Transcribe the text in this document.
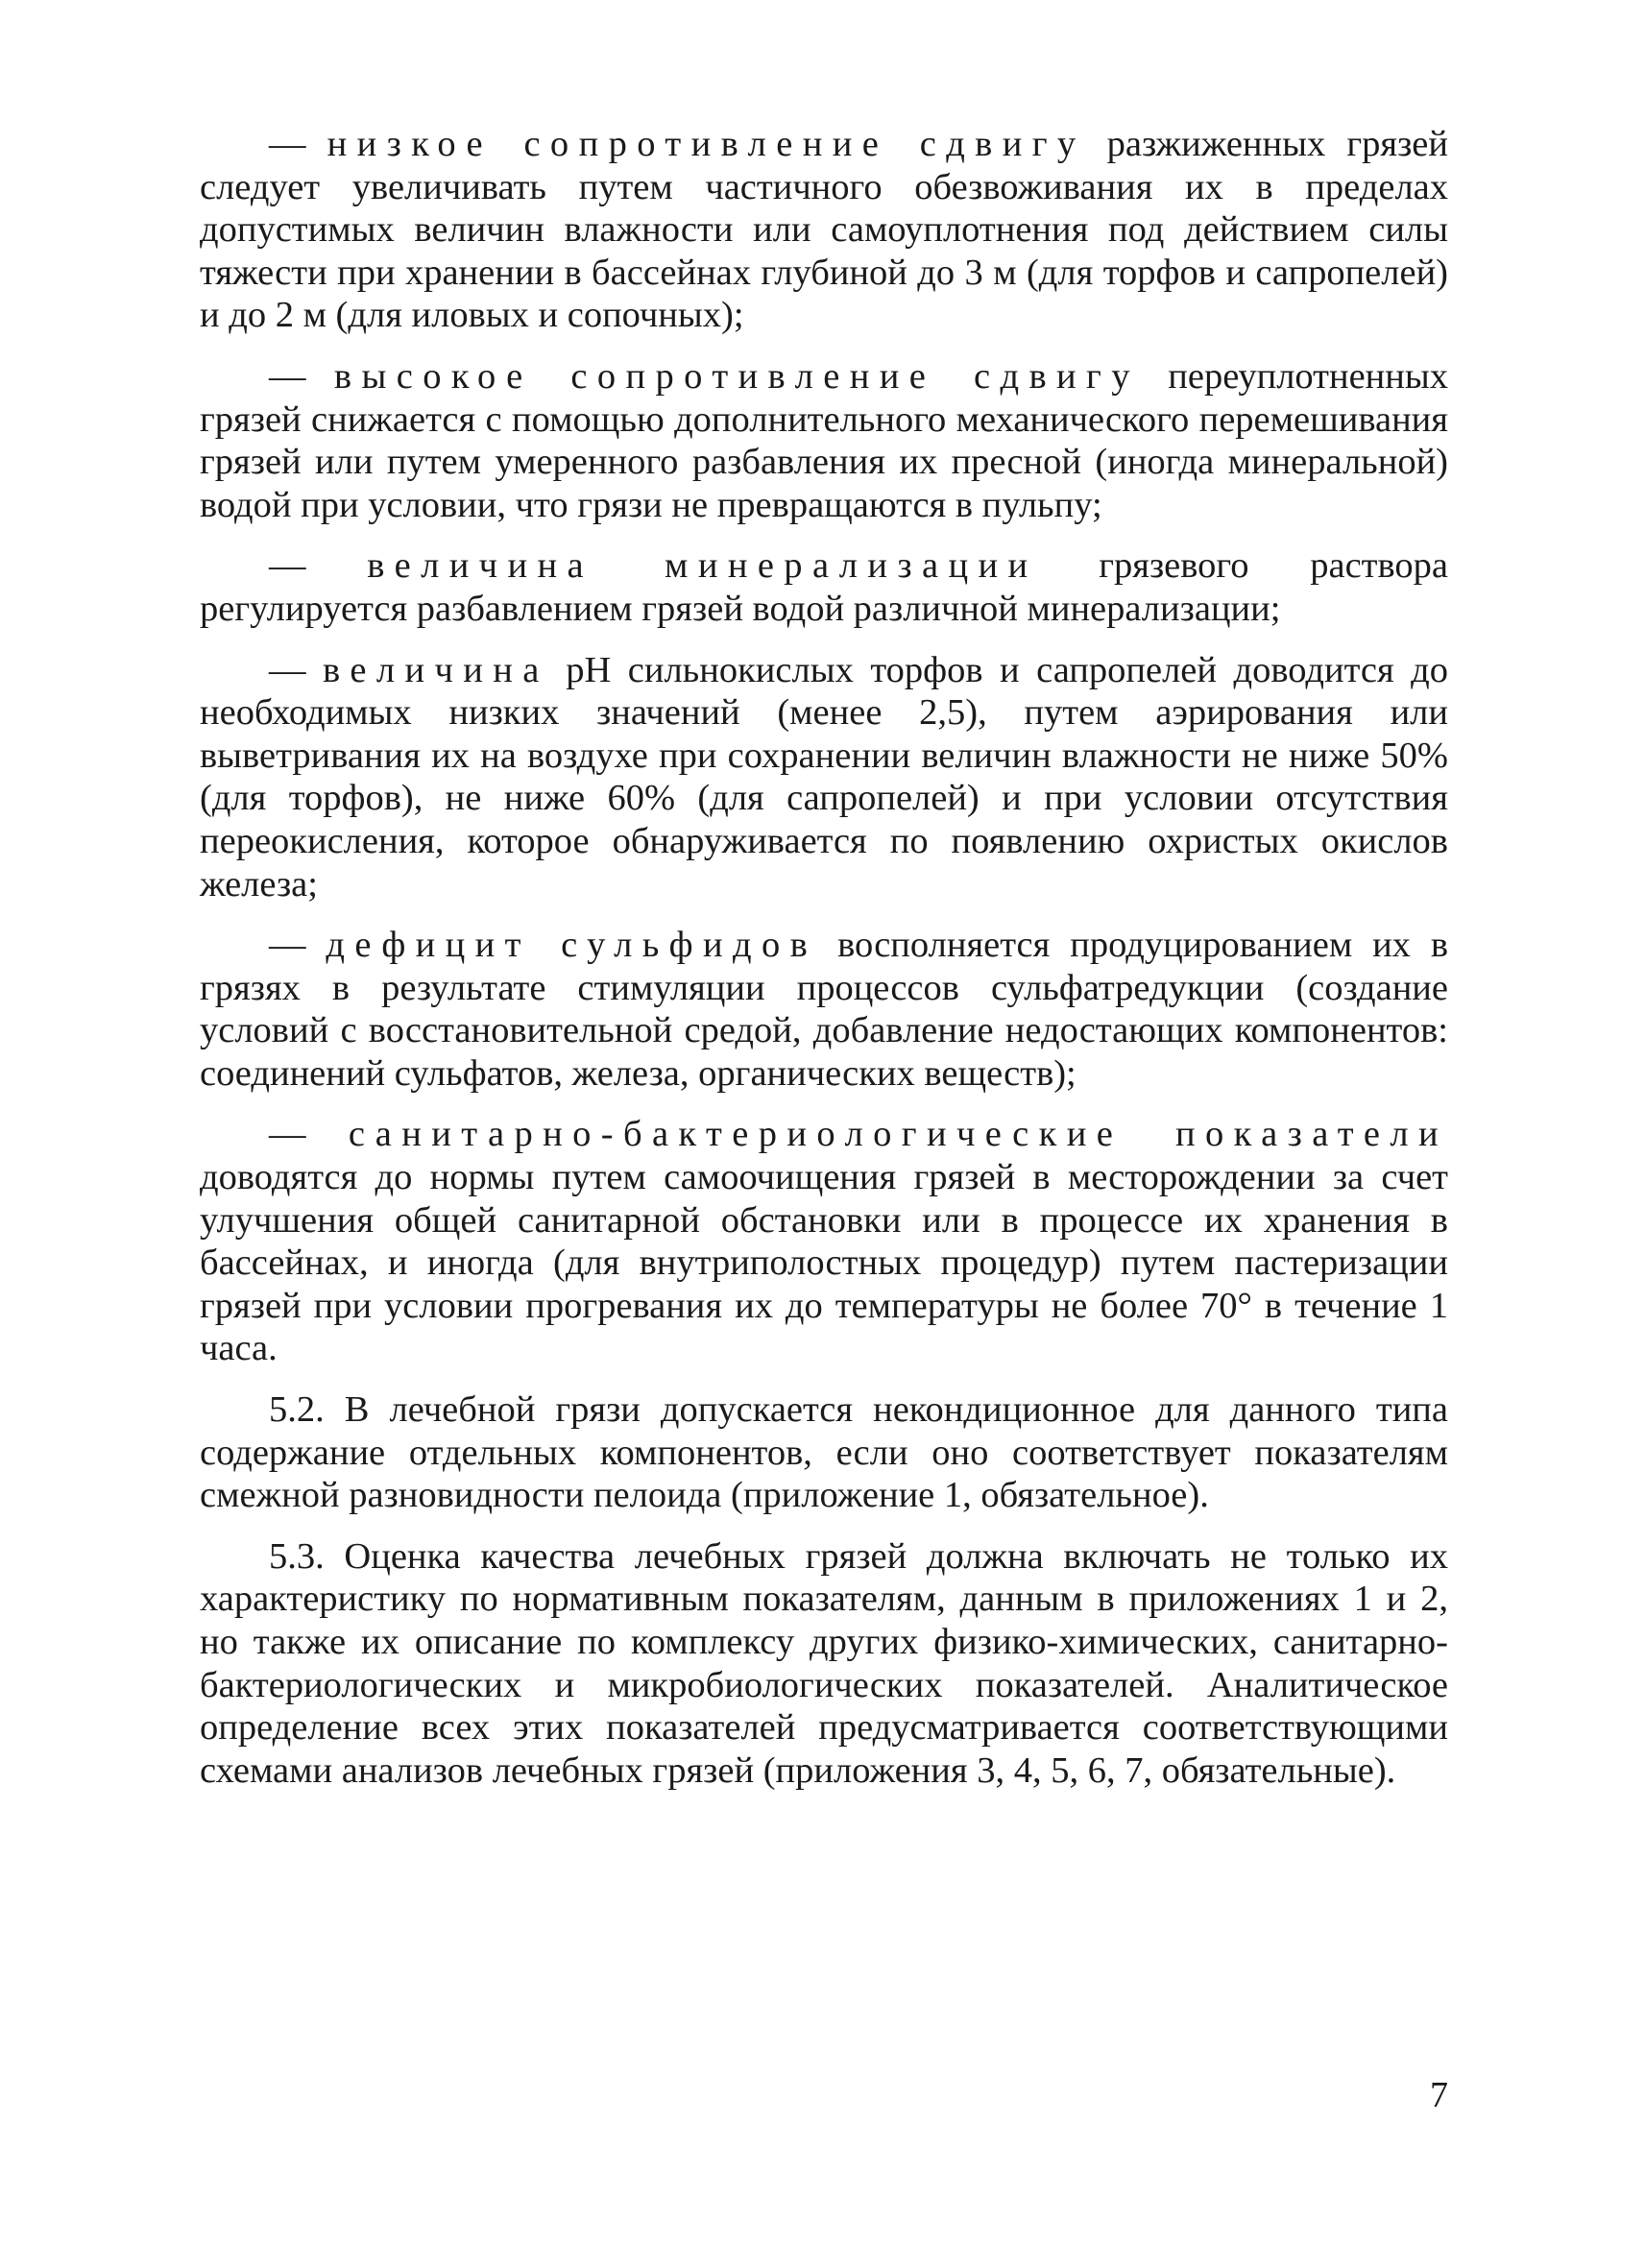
— низкое сопротивление сдвигу разжиженных грязей следует увеличивать путем частичного обезвоживания их в пределах допустимых величин влажности или самоуплотнения под действием силы тяжести при хранении в бассейнах глубиной до 3 м (для торфов и сапропелей) и до 2 м (для иловых и сопочных);

— высокое сопротивление сдвигу переуплотненных грязей снижается с помощью дополнительного механического перемешивания грязей или путем умеренного разбавления их пресной (иногда минеральной) водой при условии, что грязи не превращаются в пульпу;

— величина минерализации грязевого раствора регулируется разбавлением грязей водой различной минерализации;

— величина pH сильнокислых торфов и сапропелей доводится до необходимых низких значений (менее 2,5), путем аэрирования или выветривания их на воздухе при сохранении величин влажности не ниже 50% (для торфов), не ниже 60% (для сапропелей) и при условии отсутствия переокисления, которое обнаруживается по появлению охристых окислов железа;

— дефицит сульфидов восполняется продуцированием их в грязях в результате стимуляции процессов сульфатредукции (создание условий с восстановительной средой, добавление недостающих компонентов: соединений сульфатов, железа, органических веществ);

— санитарно-бактериологические показатели доводятся до нормы путем самоочищения грязей в месторождении за счет улучшения общей санитарной обстановки или в процессе их хранения в бассейнах, и иногда (для внутриполостных процедур) путем пастеризации грязей при условии прогревания их до температуры не более 70° в течение 1 часа.

5.2. В лечебной грязи допускается некондиционное для данного типа содержание отдельных компонентов, если оно соответствует показателям смежной разновидности пелоида (приложение 1, обязательное).

5.3. Оценка качества лечебных грязей должна включать не только их характеристику по нормативным показателям, данным в приложениях 1 и 2, но также их описание по комплексу других физико-химических, санитарно-бактериологических и микробиологических показателей. Аналитическое определение всех этих показателей предусматривается соответствующими схемами анализов лечебных грязей (приложения 3, 4, 5, 6, 7, обязательные).

7
